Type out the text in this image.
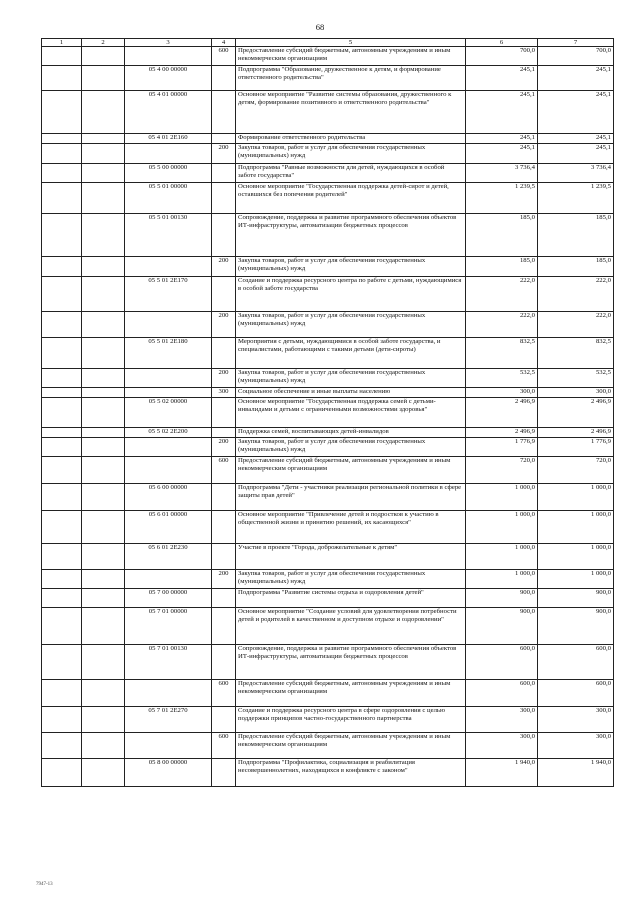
68
1	2	3	4	5	6	7
			600	Предоставление субсидий бюджетным, автономным учреждениям и иным некоммерческим организациям	700,0	700,0
		05 4 00 00000		Подпрограмма "Образование, дружественное к детям, и формирование ответственного родительства"	245,1	245,1
		05 4 01 00000		Основное мероприятие "Развитие системы образования, дружественного к детям, формирование позитивного и ответственного родительства"	245,1	245,1
		05 4 01 2E160		Формирование ответственного родительства	245,1	245,1
			200	Закупка товаров, работ и услуг для обеспечения государственных (муниципальных) нужд	245,1	245,1
		05 5 00 00000		Подпрограмма "Равные возможности для детей, нуждающихся в особой заботе государства"	3 736,4	3 736,4
		05 5 01 00000		Основное мероприятие "Государственная поддержка детей-сирот и детей, оставшихся без попечения родителей"	1 239,5	1 239,5
		05 5 01 00130		Сопровождение, поддержка и развитие программного обеспечения объектов ИТ-инфраструктуры, автоматизации бюджетных процессов	185,0	185,0
			200	Закупка товаров, работ и услуг для обеспечения государственных (муниципальных) нужд	185,0	185,0
		05 5 01 2E170		Создание и поддержка ресурсного центра по работе с детьми, нуждающимися в особой заботе государства	222,0	222,0
			200	Закупка товаров, работ и услуг для обеспечения государственных (муниципальных) нужд	222,0	222,0
		05 5 01 2E180		Мероприятия с детьми, нуждающимися в особой заботе государства, и специалистами, работающими с такими детьми (дети-сироты)	832,5	832,5
			200	Закупка товаров, работ и услуг для обеспечения государственных (муниципальных) нужд	532,5	532,5
			300	Социальное обеспечение и иные выплаты населению	300,0	300,0
		05 5 02 00000		Основное мероприятие "Государственная поддержка семей с детьми-инвалидами и детьми с ограниченными возможностями здоровья"	2 496,9	2 496,9
		05 5 02 2E200		Поддержка семей, воспитывающих детей-инвалидов	2 496,9	2 496,9
			200	Закупка товаров, работ и услуг для обеспечения государственных (муниципальных) нужд	1 776,9	1 776,9
			600	Предоставление субсидий бюджетным, автономным учреждениям и иным некоммерческим организациям	720,0	720,0
		05 6 00 00000		Подпрограмма "Дети - участники реализации региональной политики в сфере защиты прав детей"	1 000,0	1 000,0
		05 6 01 00000		Основное мероприятие "Привлечение детей и подростков к участию в общественной жизни и принятию решений, их касающихся"	1 000,0	1 000,0
		05 6 01 2E230		Участие в проекте "Города, доброжелательные к детям"	1 000,0	1 000,0
			200	Закупка товаров, работ и услуг для обеспечения государственных (муниципальных) нужд	1 000,0	1 000,0
		05 7 00 00000		Подпрограмма "Развитие системы отдыха и оздоровления детей"	900,0	900,0
		05 7 01 00000		Основное мероприятие "Создание условий для удовлетворения потребности детей и родителей в качественном и доступном отдыхе и оздоровлении"	900,0	900,0
		05 7 01 00130		Сопровождение, поддержка и развитие программного обеспечения объектов ИТ-инфраструктуры, автоматизации бюджетных процессов	600,0	600,0
			600	Предоставление субсидий бюджетным, автономным учреждениям и иным некоммерческим организациям	600,0	600,0
		05 7 01 2E270		Создание и поддержка ресурсного центра в сфере оздоровления с целью поддержки принципов частно-государственного партнерства	300,0	300,0
			600	Предоставление субсидий бюджетным, автономным учреждениям и иным некоммерческим организациям	300,0	300,0
		05 8 00 00000		Подпрограмма "Профилактика, социализация и реабилитация несовершеннолетних, находящихся в конфликте с законом"	1 940,0	1 940,0
7947-13
